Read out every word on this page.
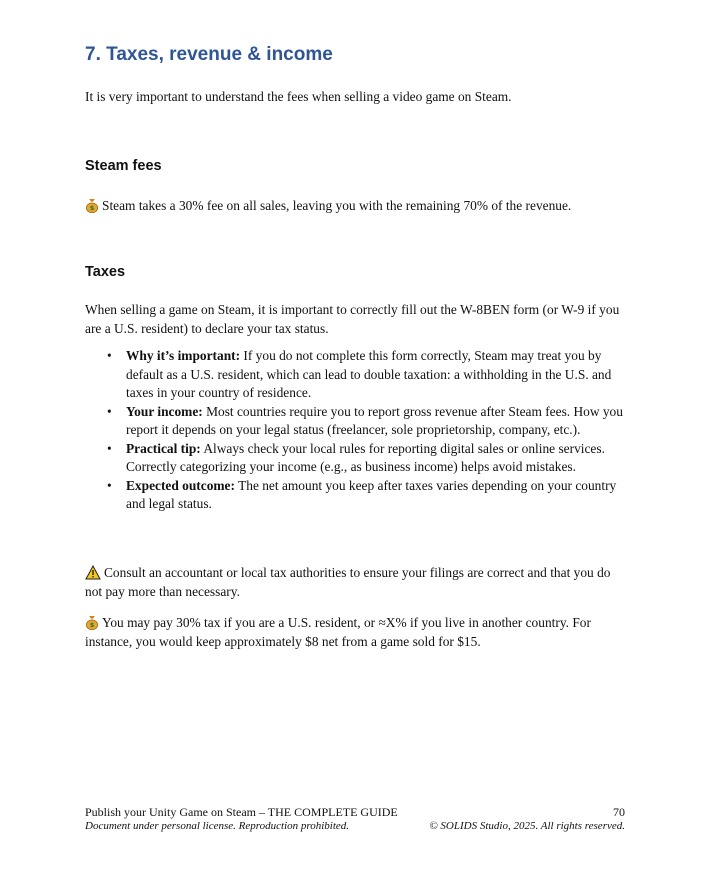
7. Taxes, revenue & income

It is very important to understand the fees when selling a video game on Steam.

Steam fees

$ Steam takes a 30% fee on all sales, leaving you with the remaining 70% of the revenue.

Taxes

When selling a game on Steam, it is important to correctly fill out the W-8BEN form (or W-9 if you are a U.S. resident) to declare your tax status.

• Why it’s important: If you do not complete this form correctly, Steam may treat you by default as a U.S. resident, which can lead to double taxation: a withholding in the U.S. and taxes in your country of residence.
• Your income: Most countries require you to report gross revenue after Steam fees. How you report it depends on your legal status (freelancer, sole proprietorship, company, etc.).
• Practical tip: Always check your local rules for reporting digital sales or online services. Correctly categorizing your income (e.g., as business income) helps avoid mistakes.
• Expected outcome: The net amount you keep after taxes varies depending on your country and legal status.

Consult an accountant or local tax authorities to ensure your filings are correct and that you do not pay more than necessary.

$ You may pay 30% tax if you are a U.S. resident, or ≈X% if you live in another country. For instance, you would keep approximately $8 net from a game sold for $15.

Publish your Unity Game on Steam – THE COMPLETE GUIDE	70
Document under personal license. Reproduction prohibited.	© SOLIDS Studio, 2025. All rights reserved.
